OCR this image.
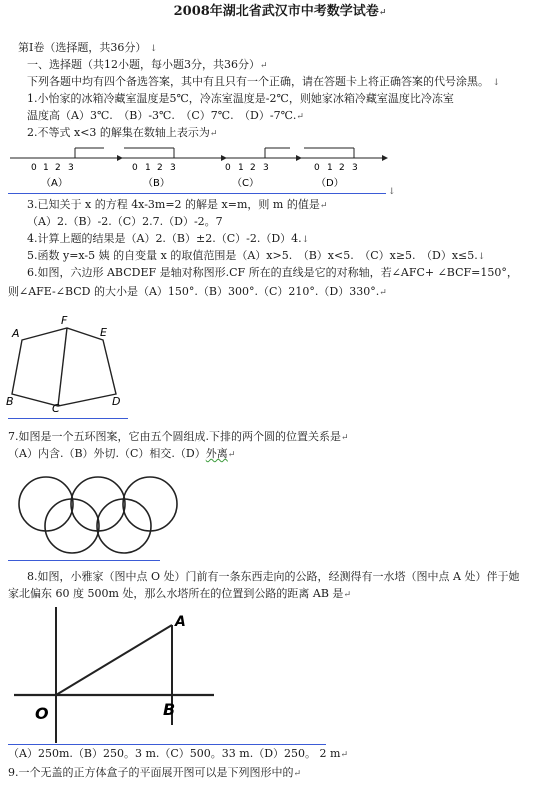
2008年湖北省武汉市中考数学试卷↵
第Ⅰ卷（选择题，共36分） ↓
一、选择题（共12小题，每小题3分，共36分）↵
下列各题中均有四个备选答案，其中有且只有一个正确，请在答题卡上将正确答案的代号涂黑。 ↓
1.小怡家的冰箱冷藏室温度是5℃，冷冻室温度是-2℃，则她家冰箱冷藏室温度比冷冻室
温度高（A）3℃.　（B）-3℃.　（C）7℃.　（D）-7℃.↵
2.不等式 x<3 的解集在数轴上表示为↵
0 1 2 3
（A）
0 1 2 3
（B）
0 1 2 3
（C）
0 1 2 3
（D）
↓
3.已知关于 x 的方程 4x-3m=2 的解是 x=m，则 m 的值是↵
（A）2.（B）-2.（C）2.7.（D）-2。7
4.计算上题的结果是（A）2.（B）±2.（C）-2.（D）4.↓
5.函数 y=x-5 姨 的自变量 x 的取值范围是（A）x>5.　（B）x<5.　（C）x≥5.　（D）x≤5.↓
6.如图，六边形 ABCDEF 是轴对称图形.CF 所在的直线是它的对称轴，若∠AFC+ ∠BCF=150°，
则∠AFE-∠BCD 的大小是（A）150°.（B）300°.（C）210°.（D）330°.↵
A
F
E
B
C
D
7.如图是一个五环图案，它由五个圆组成.下排的两个圆的位置关系是↵
（A）内含.（B）外切.（C）相交.（D）外离↵
8.如图，小雅家（图中点 O 处）门前有一条东西走向的公路，经测得有一水塔（图中点 A 处）伴于她
家北偏东 60 度 500m 处，那么水塔所在的位置到公路的距离 AB 是↵
A
O	B
（A）250m.（B）250。3 m.（C）500。33 m.（D）250。 2 m↵
9.一个无盖的正方体盒子的平面展开图可以是下列图形中的↵
